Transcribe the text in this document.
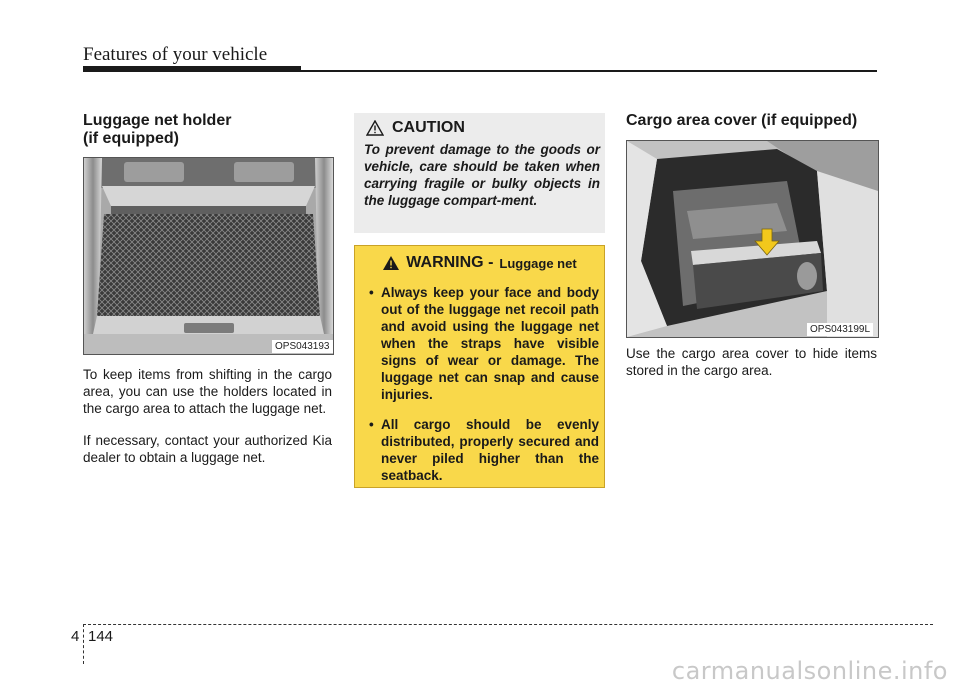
Features of your vehicle
Luggage net holder
(if equipped)
OPS043193

To keep items from shifting in the cargo area, you can use the holders located in the cargo area to attach the luggage net.

If necessary, contact your authorized Kia dealer to obtain a luggage net.

CAUTION

To prevent damage to the goods or vehicle, care should be taken when carrying fragile or bulky objects in the luggage compart-ment.

WARNING - Luggage net

• Always keep your face and body out of the luggage net recoil path and avoid using the luggage net when the straps have visible signs of wear or damage. The luggage net can snap and cause injuries.

• All cargo should be evenly distributed, properly secured and never piled higher than the seatback.

Cargo area cover (if equipped)
OPS043199L

Use the cargo area cover to hide items stored in the cargo area.

4 144
carmanualsonline.info
